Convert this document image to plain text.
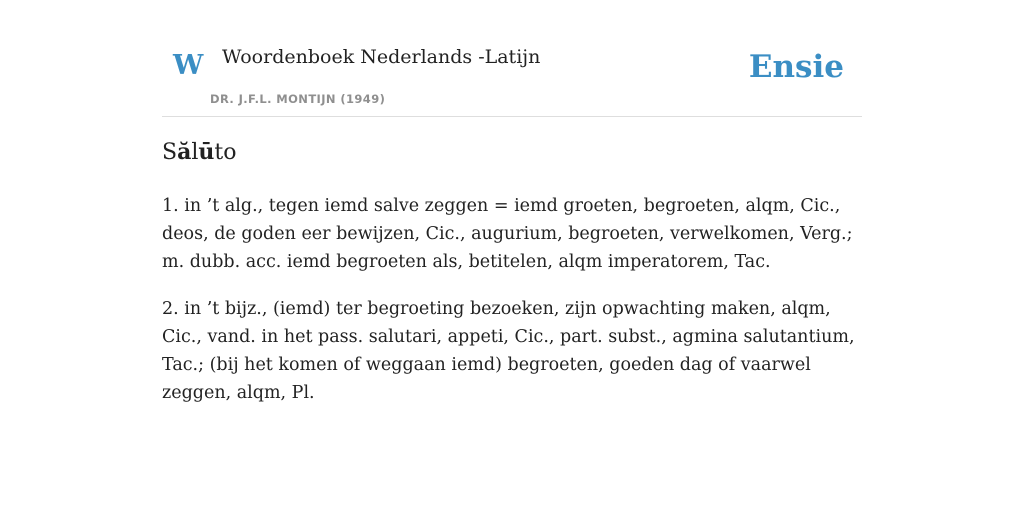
W Woordenboek Nederlands -Latijn
DR. J.F.L. MONTIJN (1949)
Ensie
Sălūto

1. in ’t alg., tegen iemd salve zeggen = iemd groeten, begroeten, alqm, Cic., deos, de goden eer bewijzen, Cic., augurium, begroeten, verwelkomen, Verg.; m. dubb. acc. iemd begroeten als, betitelen, alqm imperatorem, Tac.

2. in ’t bijz., (iemd) ter begroeting bezoeken, zijn opwachting maken, alqm, Cic., vand. in het pass. salutari, appeti, Cic., part. subst., agmina salutantium, Tac.; (bij het komen of weggaan iemd) begroeten, goeden dag of vaarwel zeggen, alqm, Pl.
